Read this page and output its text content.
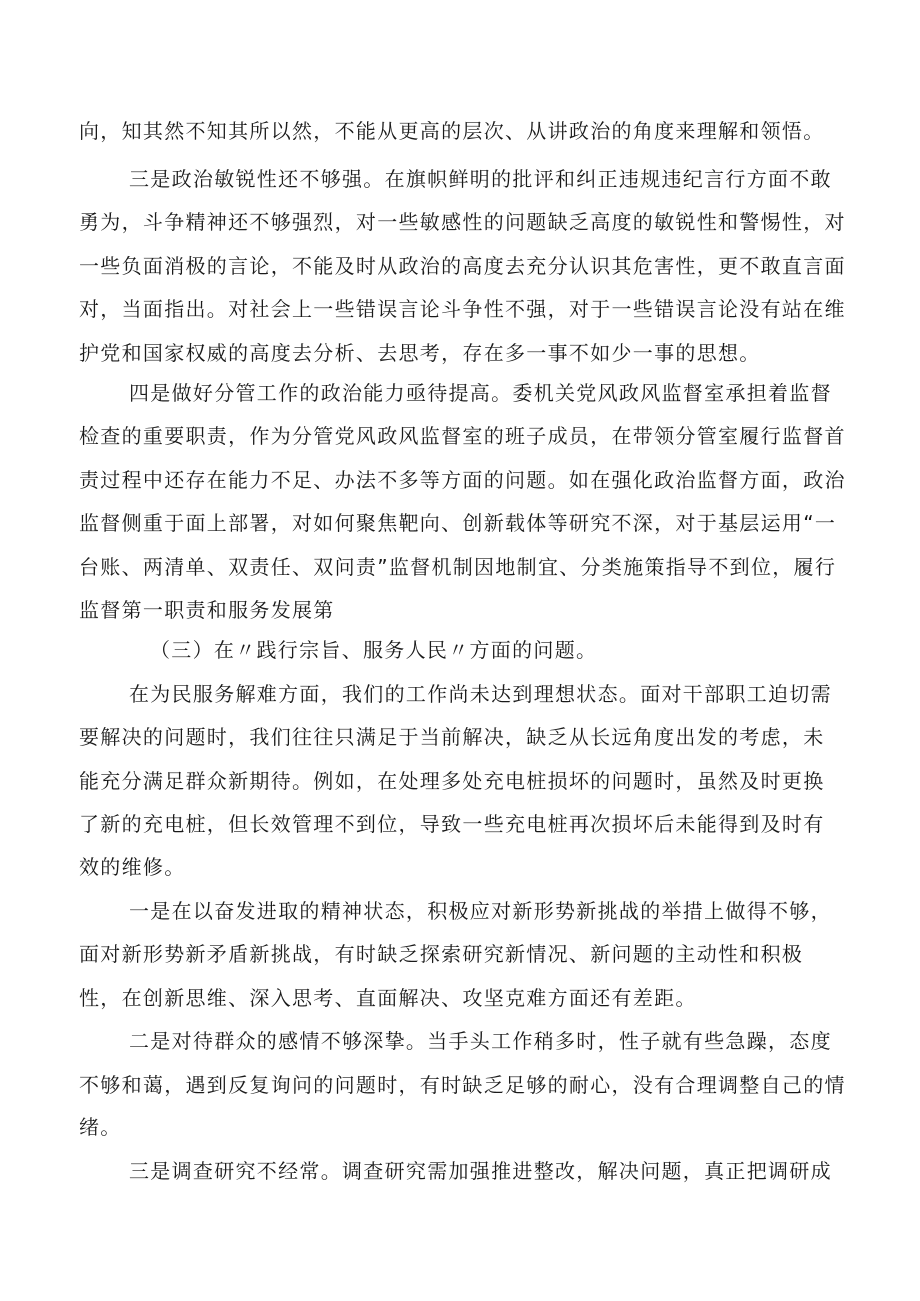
向，知其然不知其所以然，不能从更高的层次、从讲政治的角度来理解和领悟。
三是政治敏锐性还不够强。在旗帜鲜明的批评和纠正违规违纪言行方面不敢
勇为，斗争精神还不够强烈，对一些敏感性的问题缺乏高度的敏锐性和警惕性，对
一些负面消极的言论，不能及时从政治的高度去充分认识其危害性，更不敢直言面
对，当面指出。对社会上一些错误言论斗争性不强，对于一些错误言论没有站在维
护党和国家权威的高度去分析、去思考，存在多一事不如少一事的思想。
四是做好分管工作的政治能力亟待提高。委机关党风政风监督室承担着监督
检查的重要职责，作为分管党风政风监督室的班子成员，在带领分管室履行监督首
责过程中还存在能力不足、办法不多等方面的问题。如在强化政治监督方面，政治
监督侧重于面上部署，对如何聚焦靶向、创新载体等研究不深，对于基层运用“一
台账、两清单、双责任、双问责”监督机制因地制宜、分类施策指导不到位，履行
监督第一职责和服务发展第
（三）在〃践行宗旨、服务人民〃方面的问题。
在为民服务解难方面，我们的工作尚未达到理想状态。面对干部职工迫切需
要解决的问题时，我们往往只满足于当前解决，缺乏从长远角度出发的考虑，未
能充分满足群众新期待。例如，在处理多处充电桩损坏的问题时，虽然及时更换
了新的充电桩，但长效管理不到位，导致一些充电桩再次损坏后未能得到及时有
效的维修。
一是在以奋发进取的精神状态，积极应对新形势新挑战的举措上做得不够，
面对新形势新矛盾新挑战，有时缺乏探索研究新情况、新问题的主动性和积极
性，在创新思维、深入思考、直面解决、攻坚克难方面还有差距。
二是对待群众的感情不够深挚。当手头工作稍多时，性子就有些急躁，态度
不够和蔼，遇到反复询问的问题时，有时缺乏足够的耐心，没有合理调整自己的情
绪。
三是调查研究不经常。调查研究需加强推进整改，解决问题，真正把调研成
